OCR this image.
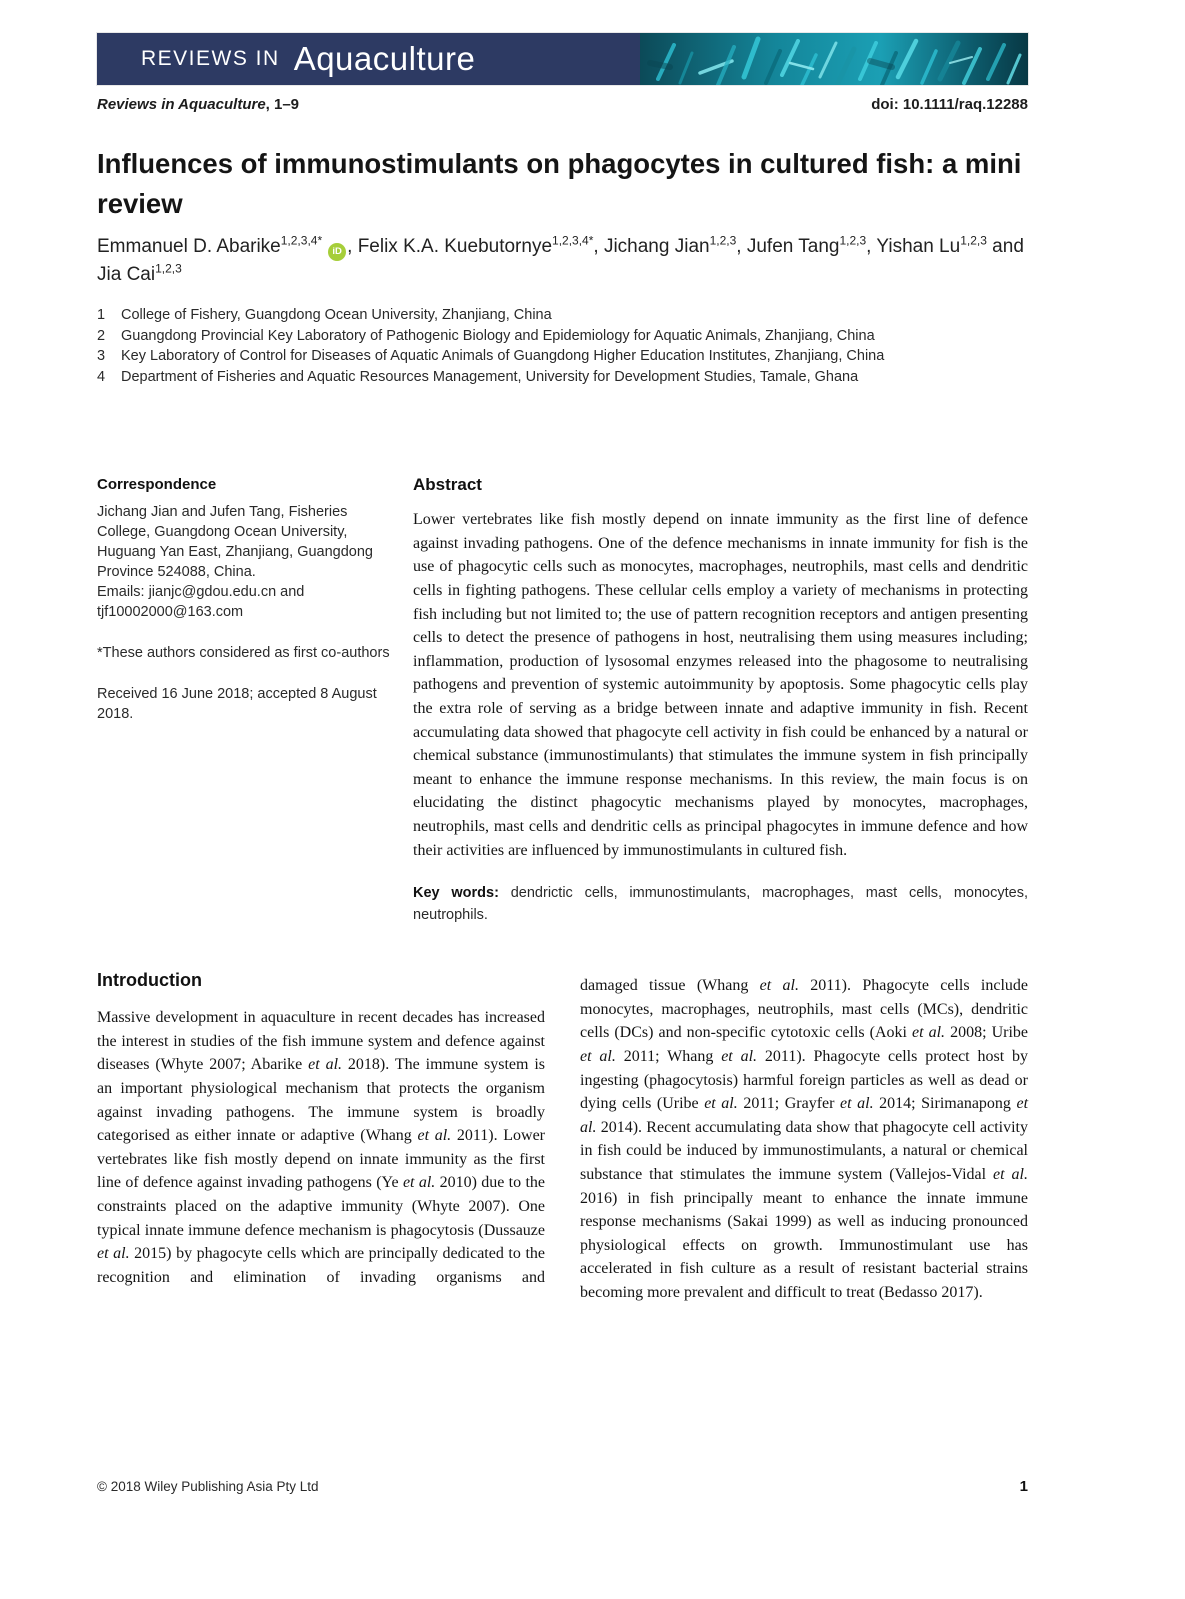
REVIEWS IN Aquaculture
Reviews in Aquaculture, 1–9	doi: 10.1111/raq.12288
Influences of immunostimulants on phagocytes in cultured fish: a mini review
Emmanuel D. Abarike$^{1,2,3,4*}$iD , Felix K.A. Kuebutornye$^{1,2,3,4*}$, Jichang Jian$^{1,2,3}$, Jufen Tang$^{1,2,3}$, Yishan Lu$^{1,2,3}$ and Jia Cai$^{1,2,3}$
1	College of Fishery, Guangdong Ocean University, Zhanjiang, China
2	Guangdong Provincial Key Laboratory of Pathogenic Biology and Epidemiology for Aquatic Animals, Zhanjiang, China
3	Key Laboratory of Control for Diseases of Aquatic Animals of Guangdong Higher Education Institutes, Zhanjiang, China
4	Department of Fisheries and Aquatic Resources Management, University for Development Studies, Tamale, Ghana
Correspondence
Jichang Jian and Jufen Tang, Fisheries College, Guangdong Ocean University, Huguang Yan East, Zhanjiang, Guangdong Province 524088, China.
Emails: jianjc@gdou.edu.cn and tjf10002000@163.com
*These authors considered as first co-authors
Received 16 June 2018; accepted 8 August 2018.
Abstract

Lower vertebrates like fish mostly depend on innate immunity as the first line of defence against invading pathogens. One of the defence mechanisms in innate immunity for fish is the use of phagocytic cells such as monocytes, macrophages, neutrophils, mast cells and dendritic cells in fighting pathogens. These cellular cells employ a variety of mechanisms in protecting fish including but not limited to; the use of pattern recognition receptors and antigen presenting cells to detect the presence of pathogens in host, neutralising them using measures including; inflammation, production of lysosomal enzymes released into the phagosome to neutralising pathogens and prevention of systemic autoimmunity by apoptosis. Some phagocytic cells play the extra role of serving as a bridge between innate and adaptive immunity in fish. Recent accumulating data showed that phagocyte cell activity in fish could be enhanced by a natural or chemical substance (immunostimulants) that stimulates the immune system in fish principally meant to enhance the immune response mechanisms. In this review, the main focus is on elucidating the distinct phagocytic mechanisms played by monocytes, macrophages, neutrophils, mast cells and dendritic cells as principal phagocytes in immune defence and how their activities are influenced by immunostimulants in cultured fish.

Key words: dendrictic cells, immunostimulants, macrophages, mast cells, monocytes, neutrophils.

Introduction

Massive development in aquaculture in recent decades has increased the interest in studies of the fish immune system and defence against diseases (Whyte 2007; Abarike et al. 2018). The immune system is an important physiological mechanism that protects the organism against invading pathogens. The immune system is broadly categorised as either innate or adaptive (Whang et al. 2011). Lower vertebrates like fish mostly depend on innate immunity as the first line of defence against invading pathogens (Ye et al. 2010) due to the constraints placed on the adaptive immunity (Whyte 2007). One typical innate immune defence mechanism is phagocytosis (Dussauze et al. 2015) by phagocyte cells which are principally dedicated to the recognition and elimination of invading organisms and

damaged tissue (Whang et al. 2011). Phagocyte cells include monocytes, macrophages, neutrophils, mast cells (MCs), dendritic cells (DCs) and non-specific cytotoxic cells (Aoki et al. 2008; Uribe et al. 2011; Whang et al. 2011). Phagocyte cells protect host by ingesting (phagocytosis) harmful foreign particles as well as dead or dying cells (Uribe et al. 2011; Grayfer et al. 2014; Sirimanapong et al. 2014). Recent accumulating data show that phagocyte cell activity in fish could be induced by immunostimulants, a natural or chemical substance that stimulates the immune system (Vallejos-Vidal et al. 2016) in fish principally meant to enhance the innate immune response mechanisms (Sakai 1999) as well as inducing pronounced physiological effects on growth. Immunostimulant use has accelerated in fish culture as a result of resistant bacterial strains becoming more prevalent and difficult to treat (Bedasso 2017).

© 2018 Wiley Publishing Asia Pty Ltd	1
